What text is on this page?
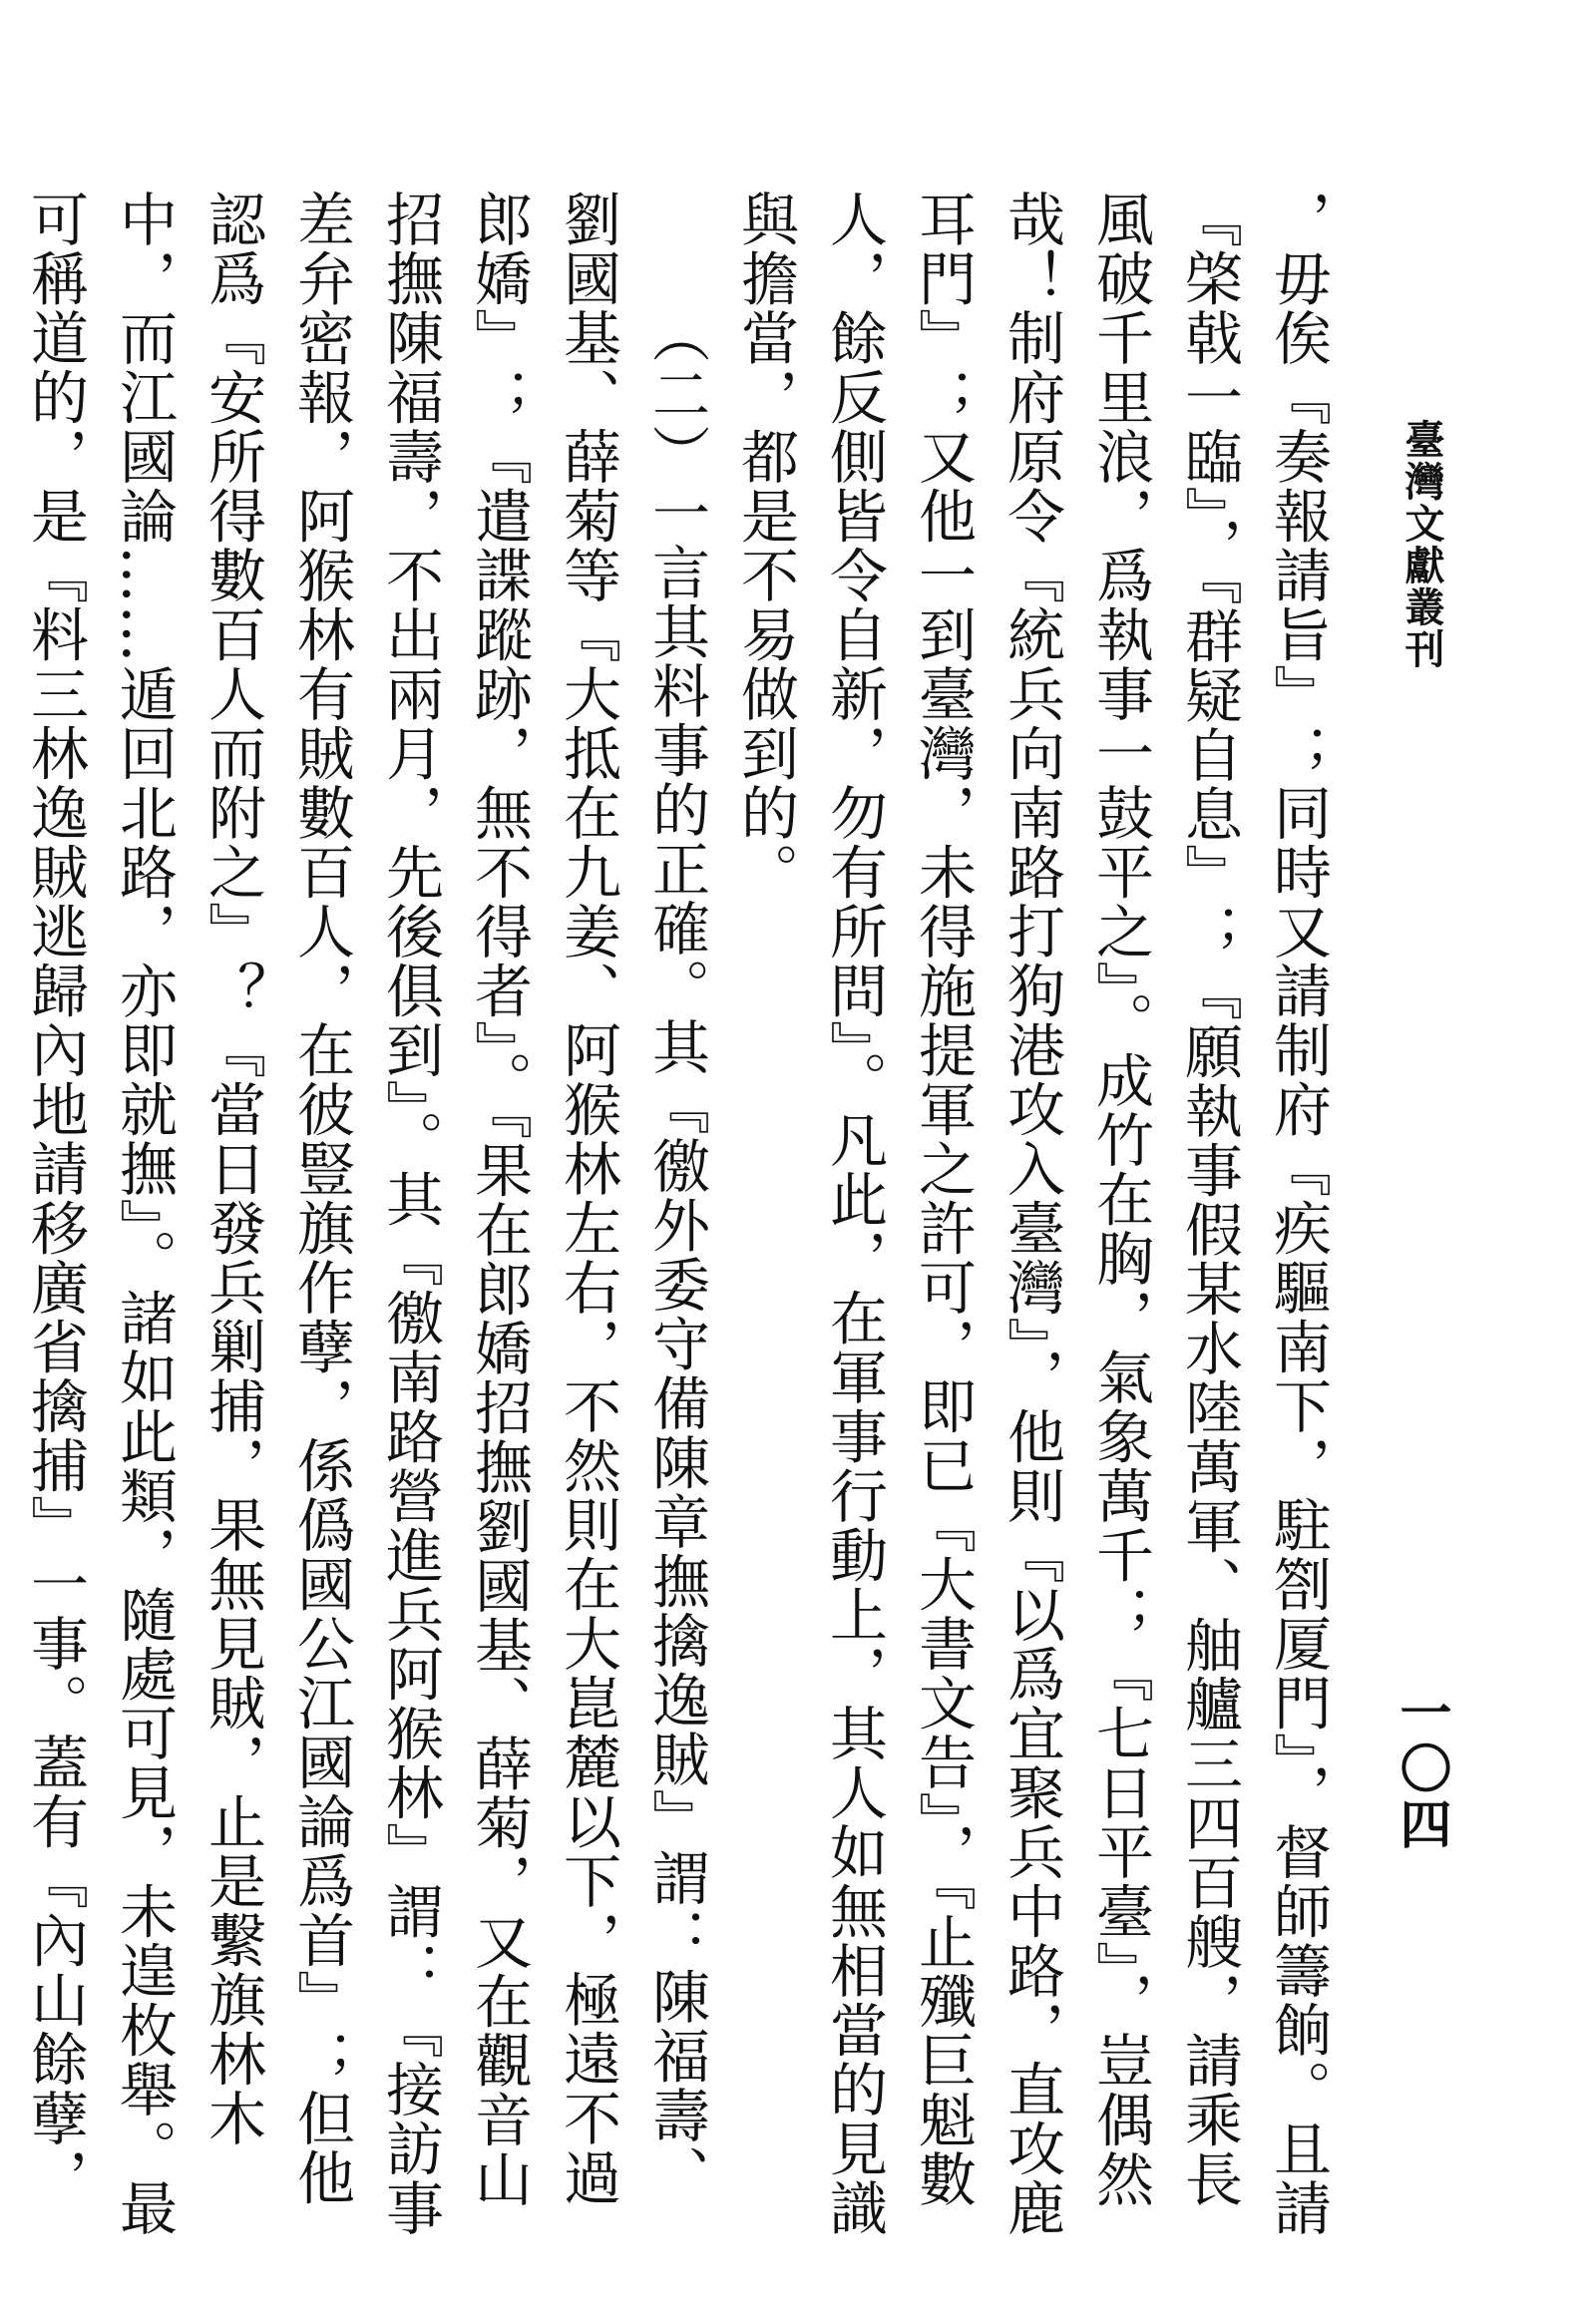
臺灣文獻叢刊
一〇四

，毋俟『奏報請旨』；同時又請制府『疾驅南下，駐劄厦門』，督師籌餉。且請『棨戟一臨』，『群疑自息』；『願執事假某水陸萬軍、舳艫三四百艘，請乘長風破千里浪，爲執事一鼓平之』。成竹在胸，氣象萬千；『七日平臺』，豈偶然哉！制府原令『統兵向南路打狗港攻入臺灣』，他則『以爲宜聚兵中路，直攻鹿耳門』；又他一到臺灣，未得施提軍之許可，即已『大書文告』，『止殲巨魁數人，餘反側皆令自新，勿有所問』。凡此，在軍事行動上，其人如無相當的見識與擔當，都是不易做到的。

（二）一言其料事的正確。其『徼外委守備陳章撫擒逸賊』謂：陳福壽、劉國基、薛菊等『大抵在九姜、阿猴林左右，不然則在大崑麓以下，極遠不過郎嬌』；『遣諜蹤跡，無不得者』。『果在郎嬌招撫劉國基、薛菊，又在觀音山招撫陳福壽，不出兩月，先後俱到』。其『徼南路營進兵阿猴林』謂：『接訪事差弁密報，阿猴林有賊數百人，在彼豎旗作孽，係僞國公江國論爲首』；但他認爲『安所得數百人而附之』？『當日發兵剿捕，果無見賊，止是繫旗林木中，而江國論……遁回北路，亦即就撫』。諸如此類，隨處可見，未遑枚舉。最可稱道的，是『料三林逸賊逃歸內地請移廣省擒捕』一事。蓋有『內山餘孽，
